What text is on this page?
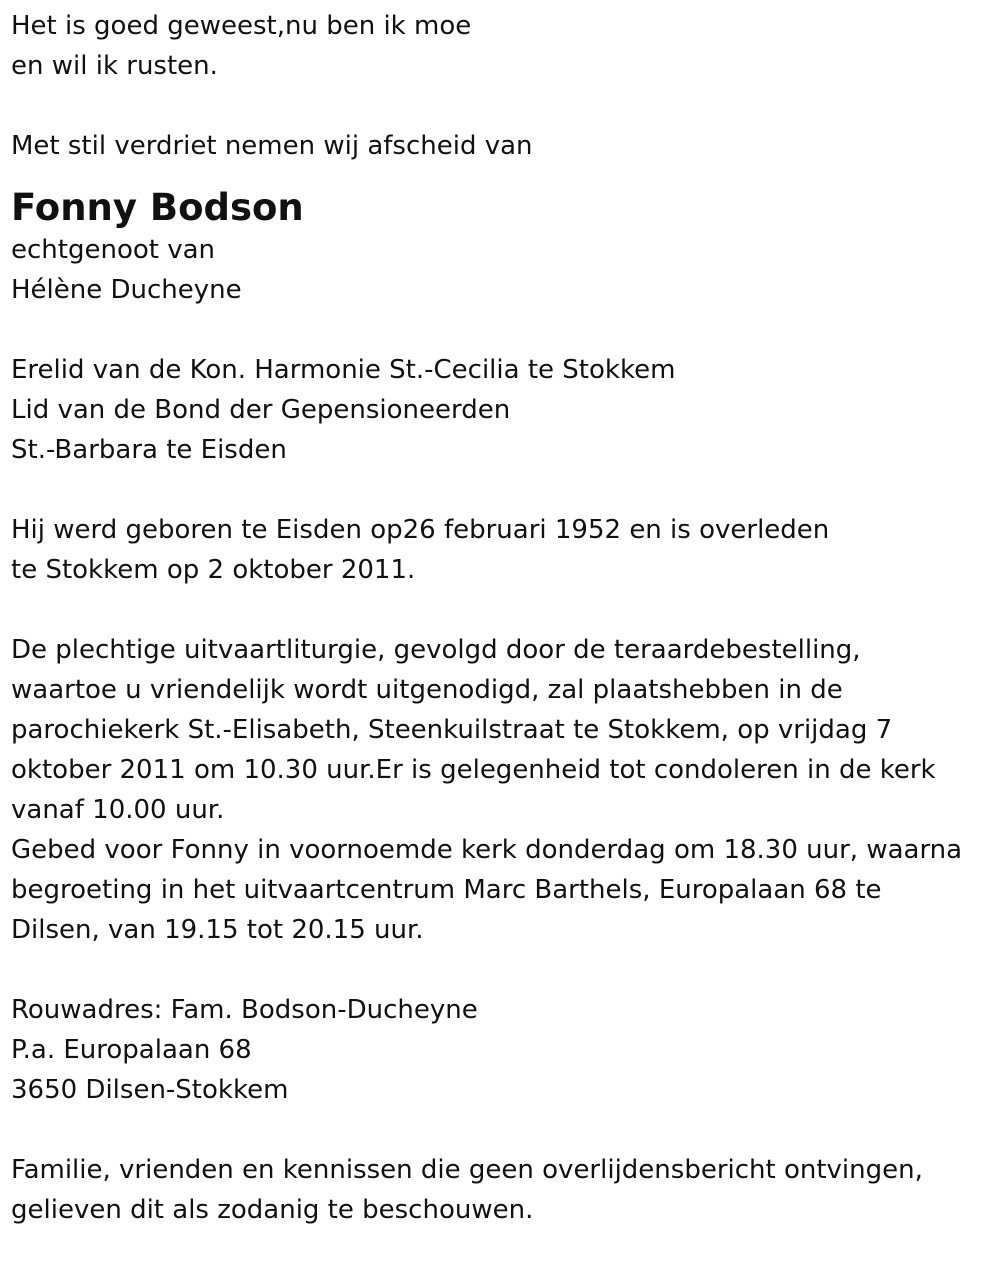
Het is goed geweest,nu ben ik moe
en wil ik rusten.
Met stil verdriet nemen wij afscheid van
Fonny Bodson
echtgenoot van
Hélène Ducheyne
Erelid van de Kon. Harmonie St.-Cecilia te Stokkem
Lid van de Bond der Gepensioneerden
St.-Barbara te Eisden
Hij werd geboren te Eisden op26 februari 1952 en is overleden
te Stokkem op 2 oktober 2011.
De plechtige uitvaartliturgie, gevolgd door de teraardebestelling,
waartoe u vriendelijk wordt uitgenodigd, zal plaatshebben in de
parochiekerk St.-Elisabeth, Steenkuilstraat te Stokkem, op vrijdag 7
oktober 2011 om 10.30 uur.Er is gelegenheid tot condoleren in de kerk
vanaf 10.00 uur.
Gebed voor Fonny in voornoemde kerk donderdag om 18.30 uur, waarna
begroeting in het uitvaartcentrum Marc Barthels, Europalaan 68 te
Dilsen, van 19.15 tot 20.15 uur.
Rouwadres: Fam. Bodson-Ducheyne
P.a. Europalaan 68
3650 Dilsen-Stokkem
Familie, vrienden en kennissen die geen overlijdensbericht ontvingen,
gelieven dit als zodanig te beschouwen.
